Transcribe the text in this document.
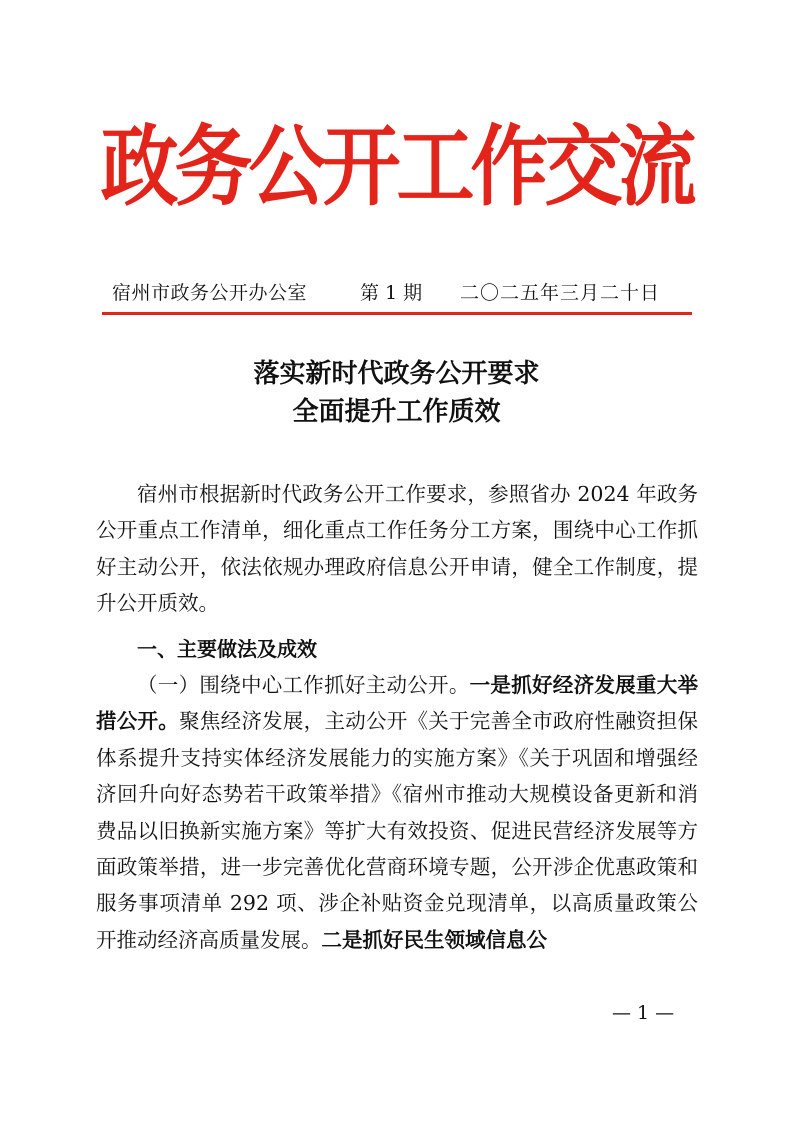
政务公开工作交流
宿州市政务公开办公室	第 1 期 二〇二五年三月二十日
落实新时代政务公开要求
全面提升工作质效

宿州市根据新时代政务公开工作要求，参照省办 2024 年政务公开重点工作清单，细化重点工作任务分工方案，围绕中心工作抓好主动公开，依法依规办理政府信息公开申请，健全工作制度，提升公开质效。

一、主要做法及成效

（一）围绕中心工作抓好主动公开。一是抓好经济发展重大举措公开。聚焦经济发展，主动公开《关于完善全市政府性融资担保体系提升支持实体经济发展能力的实施方案》《关于巩固和增强经济回升向好态势若干政策举措》《宿州市推动大规模设备更新和消费品以旧换新实施方案》等扩大有效投资、促进民营经济发展等方面政策举措，进一步完善优化营商环境专题，公开涉企优惠政策和服务事项清单 292 项、涉企补贴资金兑现清单，以高质量政策公开推动经济高质量发展。二是抓好民生领域信息公

— 1 —
